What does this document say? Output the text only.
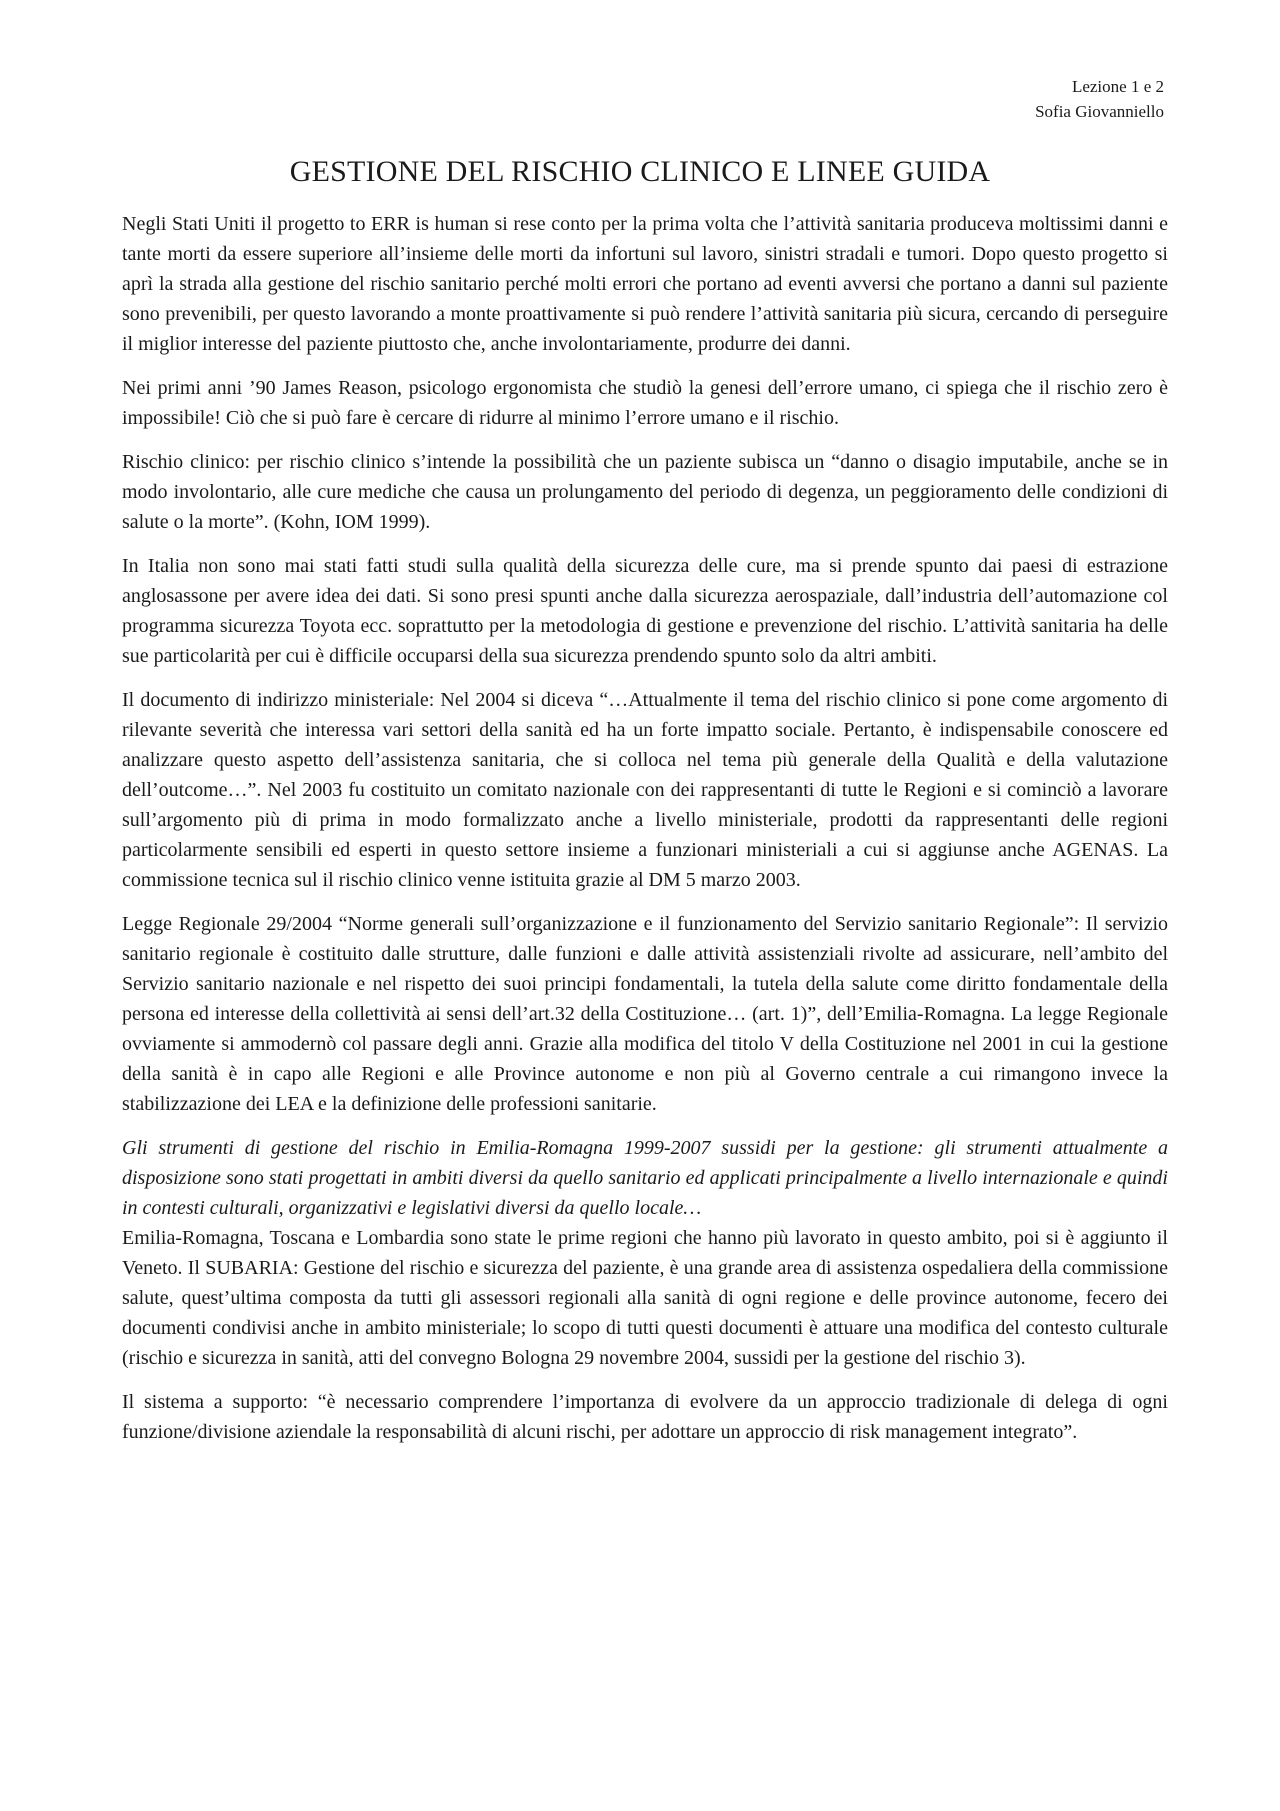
Lezione 1 e 2
Sofia Giovanniello
GESTIONE DEL RISCHIO CLINICO E LINEE GUIDA

Negli Stati Uniti il progetto to ERR is human si rese conto per la prima volta che l’attività sanitaria produceva moltissimi danni e tante morti da essere superiore all’insieme delle morti da infortuni sul lavoro, sinistri stradali e tumori. Dopo questo progetto si aprì la strada alla gestione del rischio sanitario perché molti errori che portano ad eventi avversi che portano a danni sul paziente sono prevenibili, per questo lavorando a monte proattivamente si può rendere l’attività sanitaria più sicura, cercando di perseguire il miglior interesse del paziente piuttosto che, anche involontariamente, produrre dei danni.

Nei primi anni ’90 James Reason, psicologo ergonomista che studiò la genesi dell’errore umano, ci spiega che il rischio zero è impossibile! Ciò che si può fare è cercare di ridurre al minimo l’errore umano e il rischio.

Rischio clinico: per rischio clinico s’intende la possibilità che un paziente subisca un “danno o disagio imputabile, anche se in modo involontario, alle cure mediche che causa un prolungamento del periodo di degenza, un peggioramento delle condizioni di salute o la morte”. (Kohn, IOM 1999).

In Italia non sono mai stati fatti studi sulla qualità della sicurezza delle cure, ma si prende spunto dai paesi di estrazione anglosassone per avere idea dei dati. Si sono presi spunti anche dalla sicurezza aerospaziale, dall’industria dell’automazione col programma sicurezza Toyota ecc. soprattutto per la metodologia di gestione e prevenzione del rischio. L’attività sanitaria ha delle sue particolarità per cui è difficile occuparsi della sua sicurezza prendendo spunto solo da altri ambiti.

Il documento di indirizzo ministeriale: Nel 2004 si diceva “…Attualmente il tema del rischio clinico si pone come argomento di rilevante severità che interessa vari settori della sanità ed ha un forte impatto sociale. Pertanto, è indispensabile conoscere ed analizzare questo aspetto dell’assistenza sanitaria, che si colloca nel tema più generale della Qualità e della valutazione dell’outcome…”. Nel 2003 fu costituito un comitato nazionale con dei rappresentanti di tutte le Regioni e si cominciò a lavorare sull’argomento più di prima in modo formalizzato anche a livello ministeriale, prodotti da rappresentanti delle regioni particolarmente sensibili ed esperti in questo settore insieme a funzionari ministeriali a cui si aggiunse anche AGENAS. La commissione tecnica sul il rischio clinico venne istituita grazie al DM 5 marzo 2003.

Legge Regionale 29/2004 “Norme generali sull’organizzazione e il funzionamento del Servizio sanitario Regionale”: Il servizio sanitario regionale è costituito dalle strutture, dalle funzioni e dalle attività assistenziali rivolte ad assicurare, nell’ambito del Servizio sanitario nazionale e nel rispetto dei suoi principi fondamentali, la tutela della salute come diritto fondamentale della persona ed interesse della collettività ai sensi dell’art.32 della Costituzione… (art. 1)”, dell’Emilia-Romagna. La legge Regionale ovviamente si ammodernò col passare degli anni. Grazie alla modifica del titolo V della Costituzione nel 2001 in cui la gestione della sanità è in capo alle Regioni e alle Province autonome e non più al Governo centrale a cui rimangono invece la stabilizzazione dei LEA e la definizione delle professioni sanitarie.

Gli strumenti di gestione del rischio in Emilia-Romagna 1999-2007 sussidi per la gestione: gli strumenti attualmente a disposizione sono stati progettati in ambiti diversi da quello sanitario ed applicati principalmente a livello internazionale e quindi in contesti culturali, organizzativi e legislativi diversi da quello locale…

Emilia-Romagna, Toscana e Lombardia sono state le prime regioni che hanno più lavorato in questo ambito, poi si è aggiunto il Veneto. Il SUBARIA: Gestione del rischio e sicurezza del paziente, è una grande area di assistenza ospedaliera della commissione salute, quest’ultima composta da tutti gli assessori regionali alla sanità di ogni regione e delle province autonome, fecero dei documenti condivisi anche in ambito ministeriale; lo scopo di tutti questi documenti è attuare una modifica del contesto culturale (rischio e sicurezza in sanità, atti del convegno Bologna 29 novembre 2004, sussidi per la gestione del rischio 3).

Il sistema a supporto: “è necessario comprendere l’importanza di evolvere da un approccio tradizionale di delega di ogni funzione/divisione aziendale la responsabilità di alcuni rischi, per adottare un approccio di risk management integrato”.
